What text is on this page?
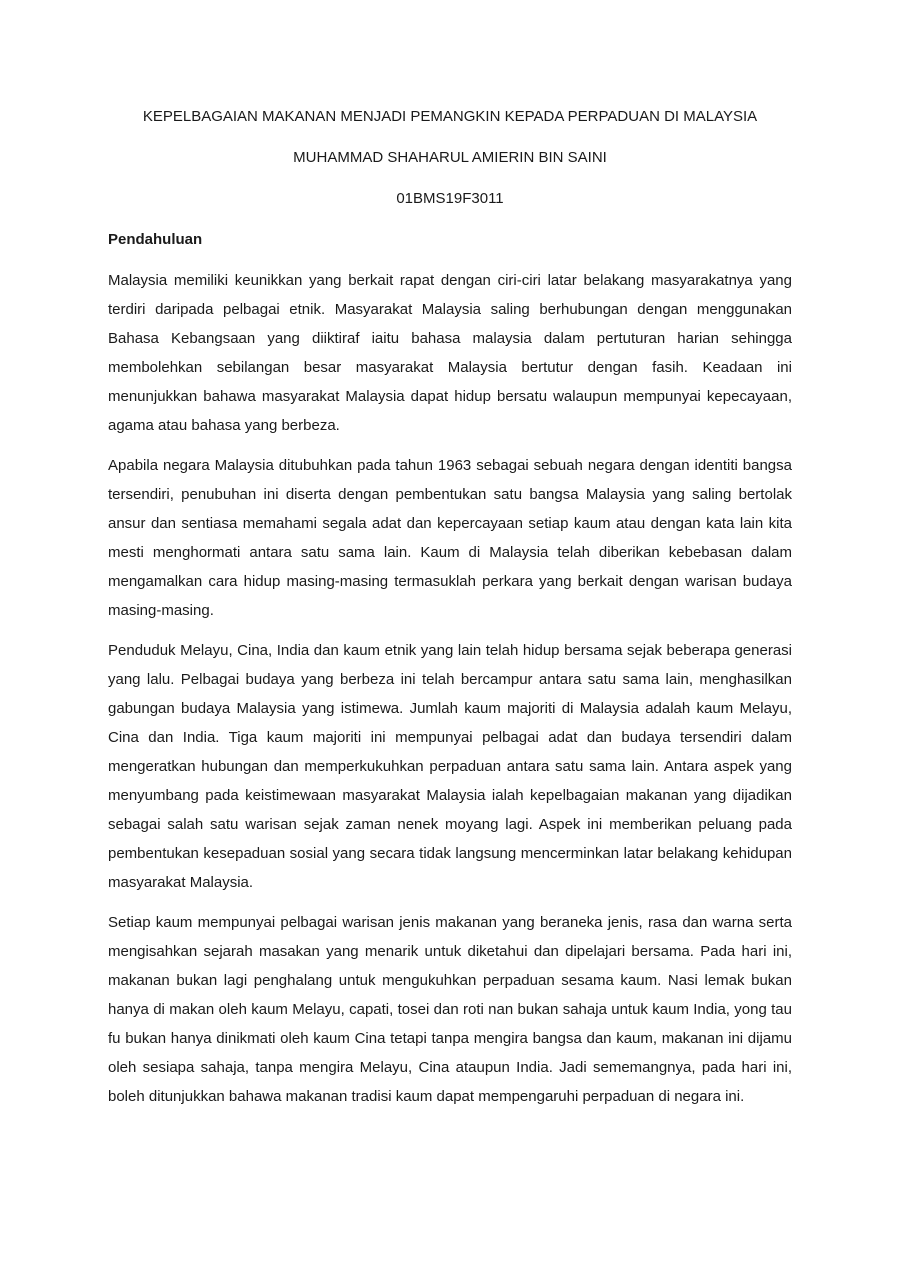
KEPELBAGAIAN MAKANAN MENJADI PEMANGKIN KEPADA PERPADUAN DI MALAYSIA
MUHAMMAD SHAHARUL AMIERIN BIN SAINI
01BMS19F3011
Pendahuluan

Malaysia memiliki keunikkan yang berkait rapat dengan ciri-ciri latar belakang masyarakatnya yang terdiri daripada pelbagai etnik. Masyarakat Malaysia saling berhubungan dengan menggunakan Bahasa Kebangsaan yang diiktiraf iaitu bahasa malaysia dalam pertuturan harian sehingga membolehkan sebilangan besar masyarakat Malaysia bertutur dengan fasih. Keadaan ini menunjukkan bahawa masyarakat Malaysia dapat hidup bersatu walaupun mempunyai kepecayaan, agama atau bahasa yang berbeza.

Apabila negara Malaysia ditubuhkan pada tahun 1963 sebagai sebuah negara dengan identiti bangsa tersendiri, penubuhan ini diserta dengan pembentukan satu bangsa Malaysia yang saling bertolak ansur dan sentiasa memahami segala adat dan kepercayaan setiap kaum atau dengan kata lain kita mesti menghormati antara satu sama lain. Kaum di Malaysia telah diberikan kebebasan dalam mengamalkan cara hidup masing-masing termasuklah perkara yang berkait dengan warisan budaya masing-masing.

Penduduk Melayu, Cina, India dan kaum etnik yang lain telah hidup bersama sejak beberapa generasi yang lalu. Pelbagai budaya yang berbeza ini telah bercampur antara satu sama lain, menghasilkan gabungan budaya Malaysia yang istimewa. Jumlah kaum majoriti di Malaysia adalah kaum Melayu, Cina dan India. Tiga kaum majoriti ini mempunyai pelbagai adat dan budaya tersendiri dalam mengeratkan hubungan dan memperkukuhkan perpaduan antara satu sama lain. Antara aspek yang menyumbang pada keistimewaan masyarakat Malaysia ialah kepelbagaian makanan yang dijadikan sebagai salah satu warisan sejak zaman nenek moyang lagi. Aspek ini memberikan peluang pada pembentukan kesepaduan sosial yang secara tidak langsung mencerminkan latar belakang kehidupan masyarakat Malaysia.

Setiap kaum mempunyai pelbagai warisan jenis makanan yang beraneka jenis, rasa dan warna serta mengisahkan sejarah masakan yang menarik untuk diketahui dan dipelajari bersama. Pada hari ini, makanan bukan lagi penghalang untuk mengukuhkan perpaduan sesama kaum. Nasi lemak bukan hanya di makan oleh kaum Melayu, capati, tosei dan roti nan bukan sahaja untuk kaum India, yong tau fu bukan hanya dinikmati oleh kaum Cina tetapi tanpa mengira bangsa dan kaum, makanan ini dijamu oleh sesiapa sahaja, tanpa mengira Melayu, Cina ataupun India. Jadi sememangnya, pada hari ini, boleh ditunjukkan bahawa makanan tradisi kaum dapat mempengaruhi perpaduan di negara ini.
